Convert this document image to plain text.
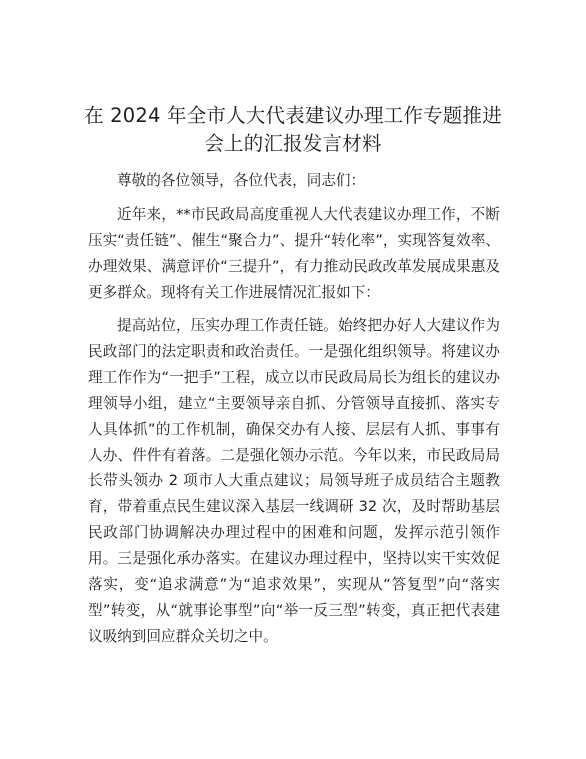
在 2024 年全市人大代表建议办理工作专题推进
会上的汇报发言材料
尊敬的各位领导，各位代表，同志们：
近年来，**市民政局高度重视人大代表建议办理工作，不断压实“责任链”、催生“聚合力”、提升“转化率”，实现答复效率、办理效果、满意评价“三提升”，有力推动民政改革发展成果惠及更多群众。现将有关工作进展情况汇报如下：
提高站位，压实办理工作责任链。始终把办好人大建议作为民政部门的法定职责和政治责任。一是强化组织领导。将建议办理工作作为“一把手”工程，成立以市民政局局长为组长的建议办理领导小组，建立“主要领导亲自抓、分管领导直接抓、落实专人具体抓”的工作机制，确保交办有人接、层层有人抓、事事有人办、件件有着落。二是强化领办示范。今年以来，市民政局局长带头领办 2 项市人大重点建议；局领导班子成员结合主题教育，带着重点民生建议深入基层一线调研 32 次，及时帮助基层民政部门协调解决办理过程中的困难和问题，发挥示范引领作用。三是强化承办落实。在建议办理过程中，坚持以实干实效促落实，变“追求满意”为“追求效果”，实现从“答复型”向“落实型”转变，从“就事论事型”向“举一反三型”转变，真正把代表建议吸纳到回应群众关切之中。
